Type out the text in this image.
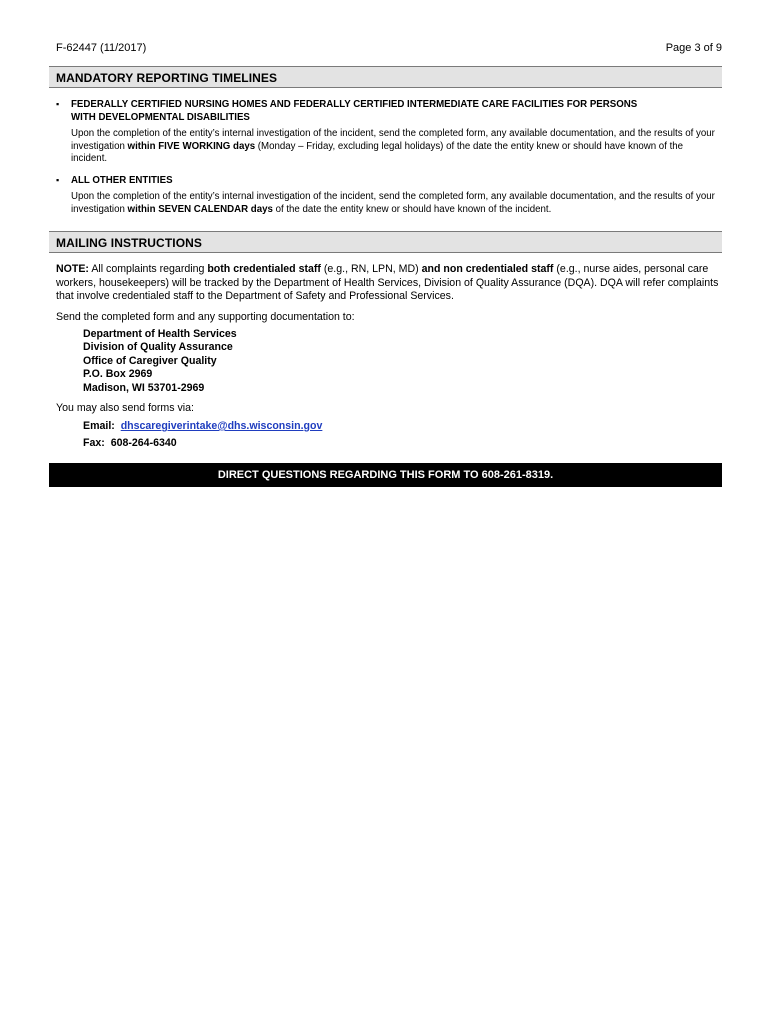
F-62447 (11/2017)	Page 3 of 9
MANDATORY REPORTING TIMELINES
▪ FEDERALLY CERTIFIED NURSING HOMES AND FEDERALLY CERTIFIED INTERMEDIATE CARE FACILITIES FOR PERSONS
WITH DEVELOPMENTAL DISABILITIES
Upon the completion of the entity’s internal investigation of the incident, send the completed form, any available documentation, and the results of your investigation within FIVE WORKING days (Monday – Friday, excluding legal holidays) of the date the entity knew or should have known of the incident.
▪ ALL OTHER ENTITIES
Upon the completion of the entity’s internal investigation of the incident, send the completed form, any available documentation, and the results of your investigation within SEVEN CALENDAR days of the date the entity knew or should have known of the incident.
MAILING INSTRUCTIONS
NOTE: All complaints regarding both credentialed staff (e.g., RN, LPN, MD) and non credentialed staff (e.g., nurse aides, personal care workers, housekeepers) will be tracked by the Department of Health Services, Division of Quality Assurance (DQA). DQA will refer complaints that involve credentialed staff to the Department of Safety and Professional Services.
Send the completed form and any supporting documentation to:
Department of Health Services
Division of Quality Assurance
Office of Caregiver Quality
P.O. Box 2969
Madison, WI 53701-2969
You may also send forms via:
Email: dhscaregiverintake@dhs.wisconsin.gov
Fax: 608-264-6340
DIRECT QUESTIONS REGARDING THIS FORM TO 608-261-8319.
